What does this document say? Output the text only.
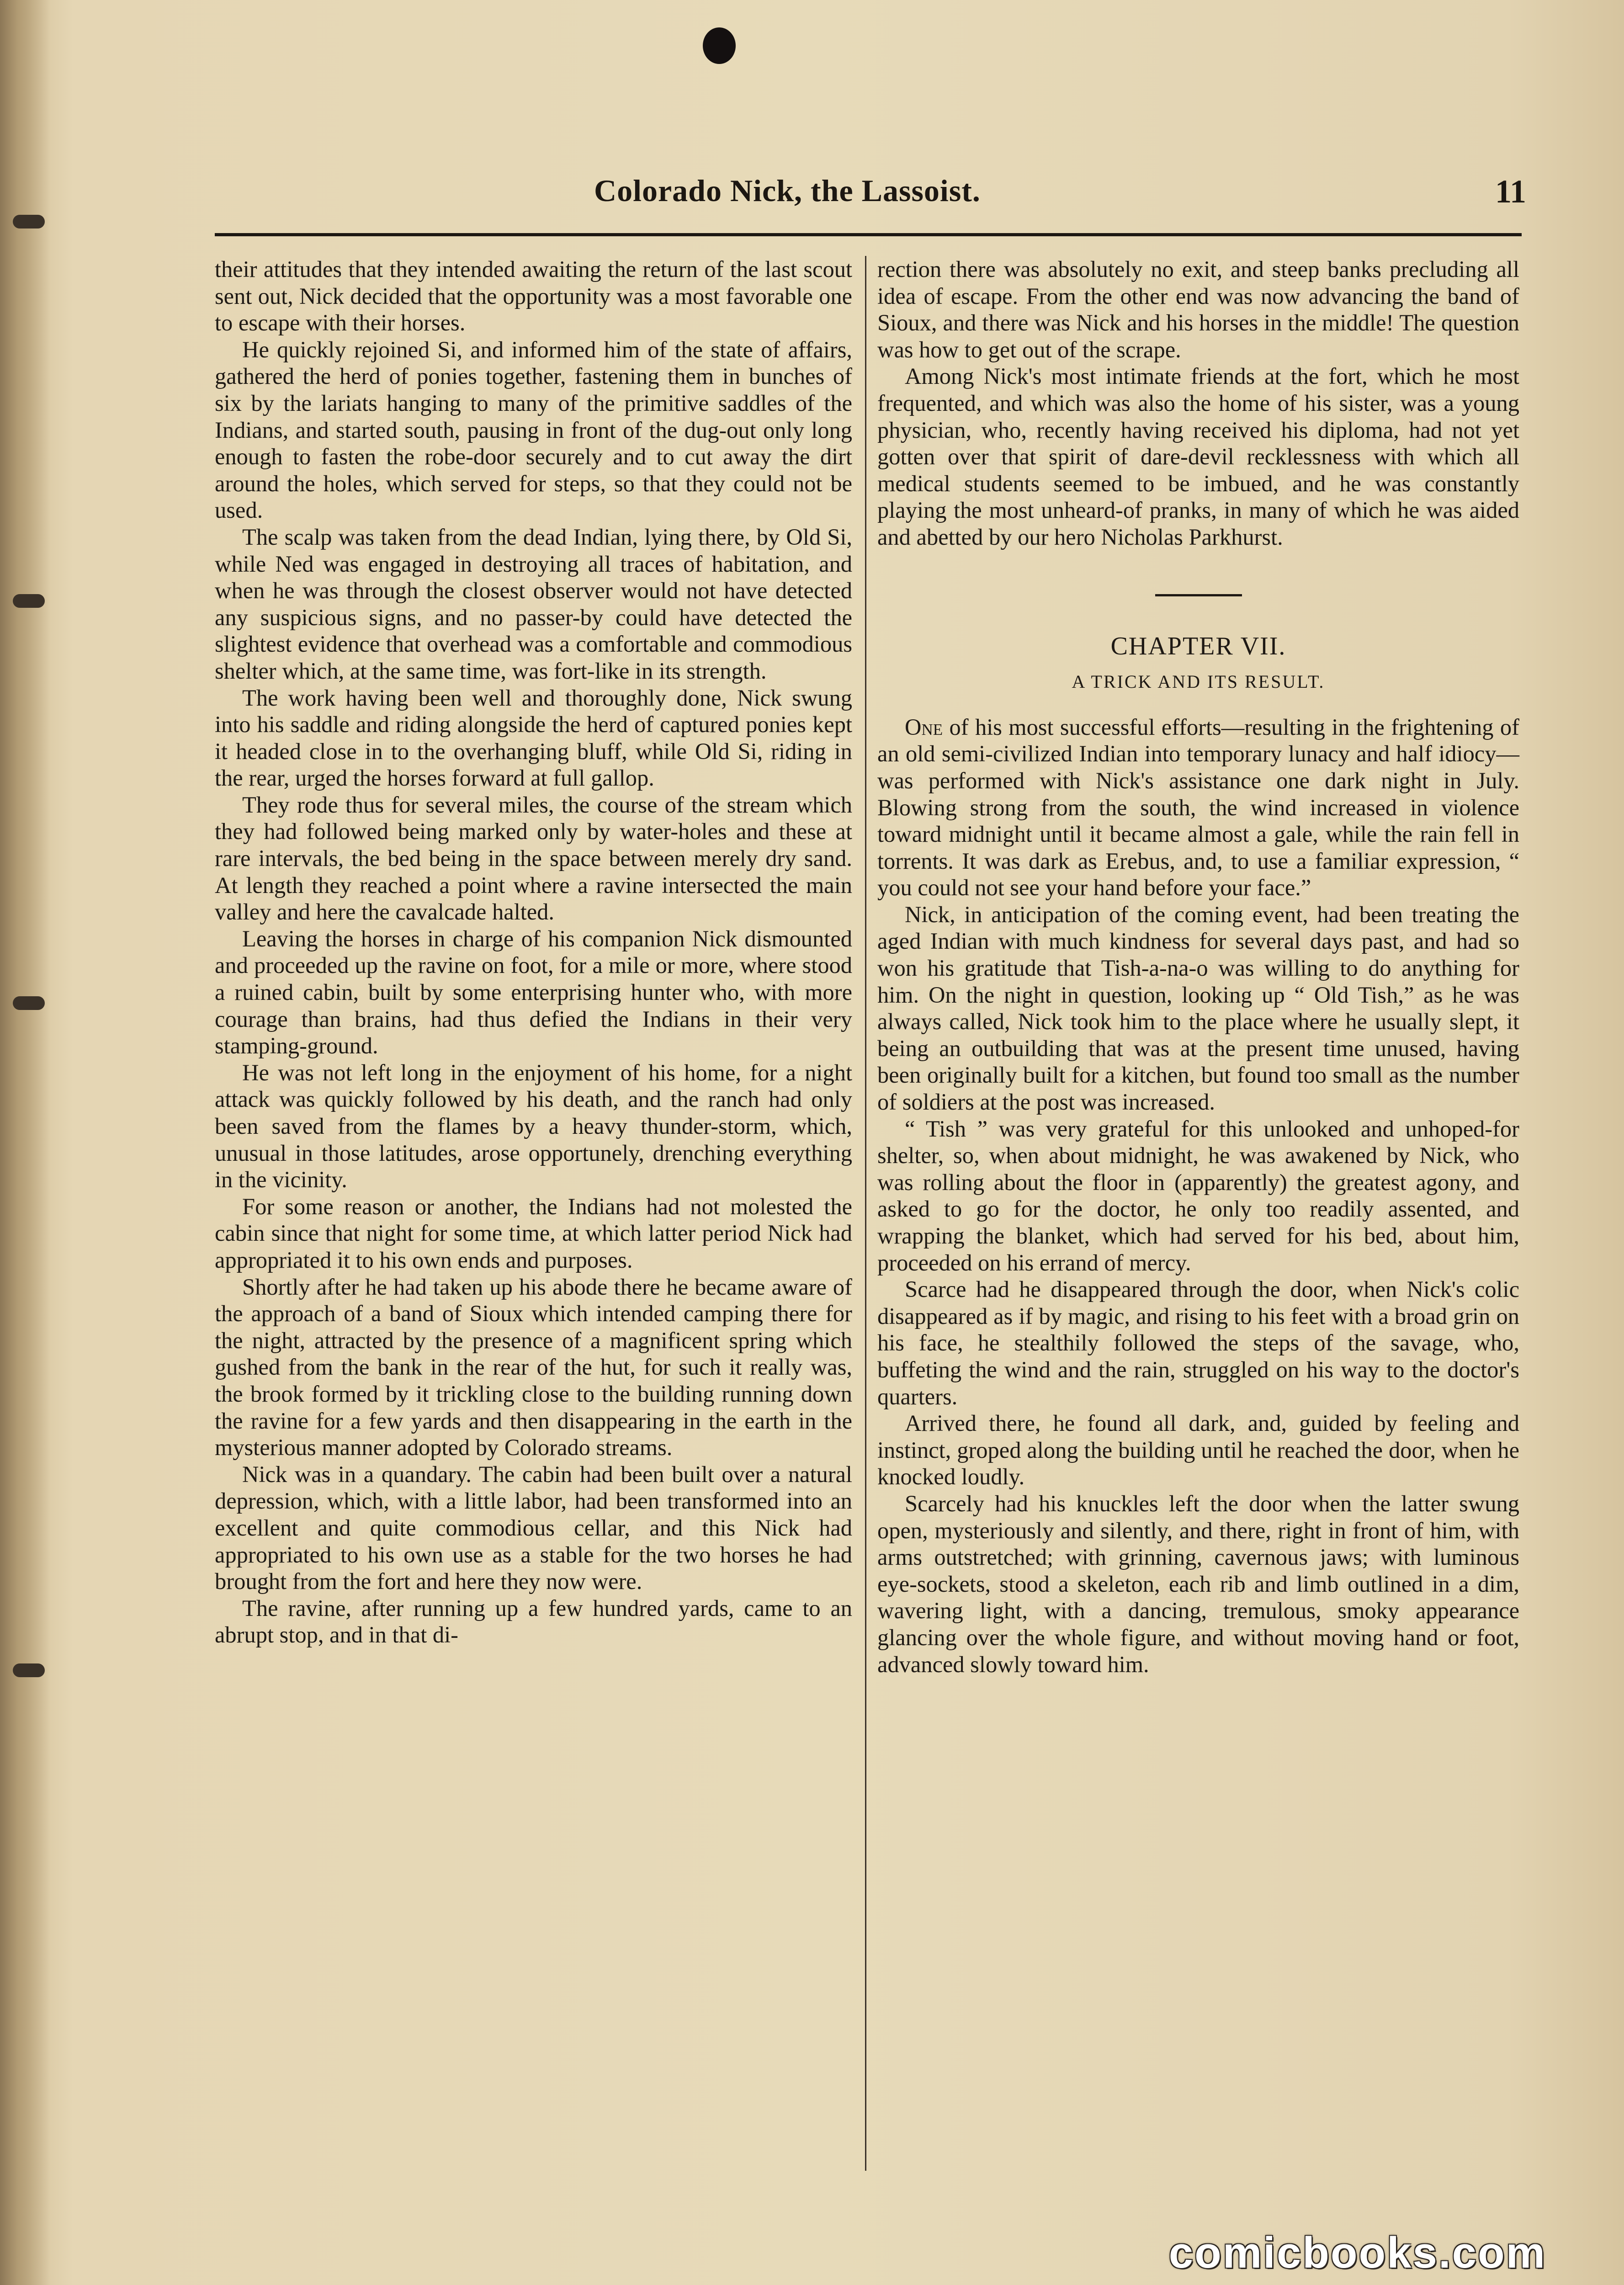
Colorado Nick, the Lassoist.	11

their attitudes that they intended awaiting the return of the last scout sent out, Nick decided that the opportunity was a most favorable one to escape with their horses.

He quickly rejoined Si, and informed him of the state of affairs, gathered the herd of ponies together, fastening them in bunches of six by the lariats hanging to many of the primitive saddles of the Indians, and started south, pausing in front of the dug-out only long enough to fasten the robe-door securely and to cut away the dirt around the holes, which served for steps, so that they could not be used.

The scalp was taken from the dead Indian, lying there, by Old Si, while Ned was engaged in destroying all traces of habitation, and when he was through the closest observer would not have detected any suspicious signs, and no passer-by could have detected the slightest evidence that overhead was a comfortable and commodious shelter which, at the same time, was fort-like in its strength.

The work having been well and thoroughly done, Nick swung into his saddle and riding alongside the herd of captured ponies kept it headed close in to the overhanging bluff, while Old Si, riding in the rear, urged the horses forward at full gallop.

They rode thus for several miles, the course of the stream which they had followed being marked only by water-holes and these at rare intervals, the bed being in the space between merely dry sand. At length they reached a point where a ravine intersected the main valley and here the cavalcade halted.

Leaving the horses in charge of his companion Nick dismounted and proceeded up the ravine on foot, for a mile or more, where stood a ruined cabin, built by some enterprising hunter who, with more courage than brains, had thus defied the Indians in their very stamping-ground.

He was not left long in the enjoyment of his home, for a night attack was quickly followed by his death, and the ranch had only been saved from the flames by a heavy thunder-storm, which, unusual in those latitudes, arose opportunely, drenching everything in the vicinity.

For some reason or another, the Indians had not molested the cabin since that night for some time, at which latter period Nick had appropriated it to his own ends and purposes.

Shortly after he had taken up his abode there he became aware of the approach of a band of Sioux which intended camping there for the night, attracted by the presence of a magnificent spring which gushed from the bank in the rear of the hut, for such it really was, the brook formed by it trickling close to the building running down the ravine for a few yards and then disappearing in the earth in the mysterious manner adopted by Colorado streams.

Nick was in a quandary. The cabin had been built over a natural depression, which, with a little labor, had been transformed into an excellent and quite commodious cellar, and this Nick had appropriated to his own use as a stable for the two horses he had brought from the fort and here they now were.

The ravine, after running up a few hundred yards, came to an abrupt stop, and in that di-

rection there was absolutely no exit, and steep banks precluding all idea of escape. From the other end was now advancing the band of Sioux, and there was Nick and his horses in the middle! The question was how to get out of the scrape.

Among Nick's most intimate friends at the fort, which he most frequented, and which was also the home of his sister, was a young physician, who, recently having received his diploma, had not yet gotten over that spirit of dare-devil recklessness with which all medical students seemed to be imbued, and he was constantly playing the most unheard-of pranks, in many of which he was aided and abetted by our hero Nicholas Parkhurst.

CHAPTER VII.
A TRICK AND ITS RESULT.

One of his most successful efforts—resulting in the frightening of an old semi-civilized Indian into temporary lunacy and half idiocy—was performed with Nick's assistance one dark night in July. Blowing strong from the south, the wind increased in violence toward midnight until it became almost a gale, while the rain fell in torrents. It was dark as Erebus, and, to use a familiar expression, “ you could not see your hand before your face.”

Nick, in anticipation of the coming event, had been treating the aged Indian with much kindness for several days past, and had so won his gratitude that Tish-a-na-o was willing to do anything for him. On the night in question, looking up “ Old Tish,” as he was always called, Nick took him to the place where he usually slept, it being an outbuilding that was at the present time unused, having been originally built for a kitchen, but found too small as the number of soldiers at the post was increased.

“ Tish ” was very grateful for this unlooked and unhoped-for shelter, so, when about midnight, he was awakened by Nick, who was rolling about the floor in (apparently) the greatest agony, and asked to go for the doctor, he only too readily assented, and wrapping the blanket, which had served for his bed, about him, proceeded on his errand of mercy.

Scarce had he disappeared through the door, when Nick's colic disappeared as if by magic, and rising to his feet with a broad grin on his face, he stealthily followed the steps of the savage, who, buffeting the wind and the rain, struggled on his way to the doctor's quarters.

Arrived there, he found all dark, and, guided by feeling and instinct, groped along the building until he reached the door, when he knocked loudly.

Scarcely had his knuckles left the door when the latter swung open, mysteriously and silently, and there, right in front of him, with arms outstretched; with grinning, cavernous jaws; with luminous eye-sockets, stood a skeleton, each rib and limb outlined in a dim, wavering light, with a dancing, tremulous, smoky appearance glancing over the whole figure, and without moving hand or foot, advanced slowly toward him.

comicbooks.com
